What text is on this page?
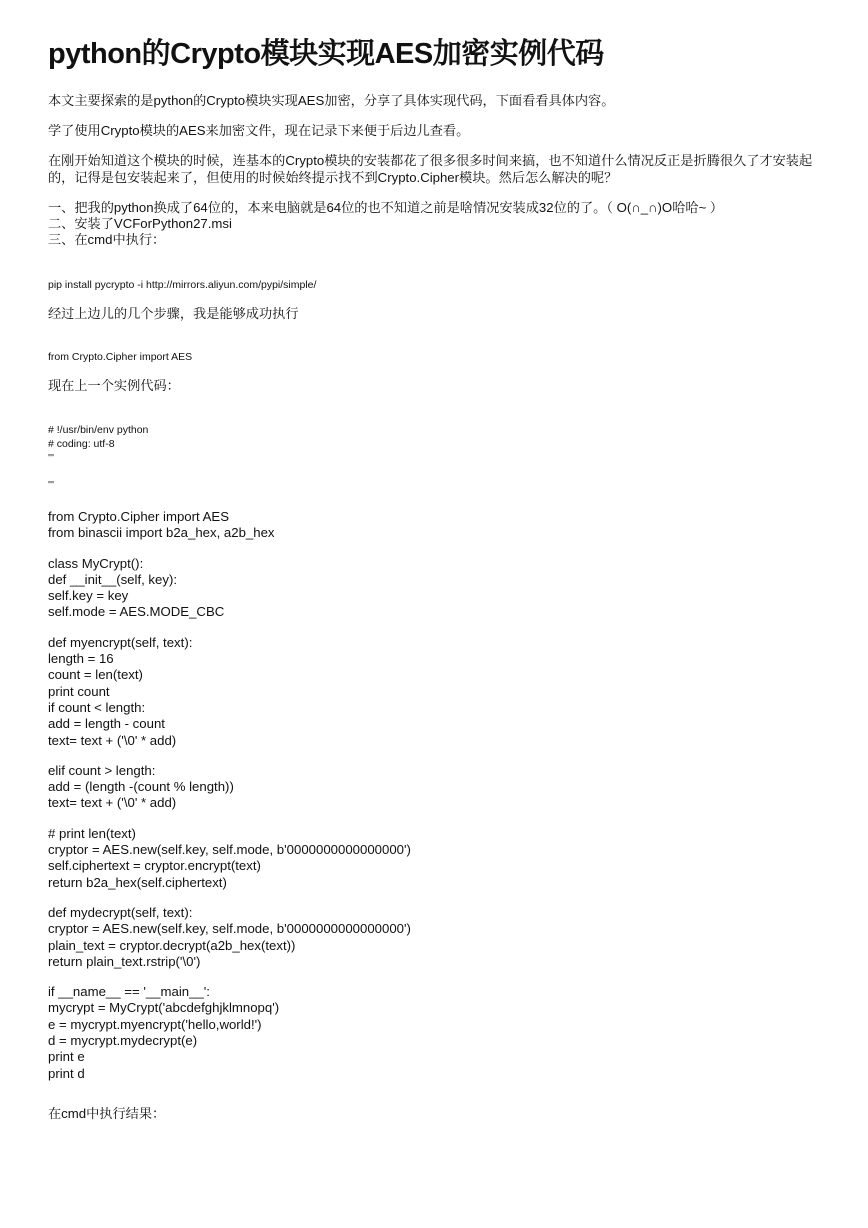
python的Crypto模块实现AES加密实例代码
本文主要探索的是python的Crypto模块实现AES加密，分享了具体实现代码，下面看看具体内容。
学了使用Crypto模块的AES来加密文件，现在记录下来便于后边儿查看。
在刚开始知道这个模块的时候，连基本的Crypto模块的安装都花了很多很多时间来搞，也不知道什么情况反正是折腾很久了才安装起的，记得是包安装起来了，但使用的时候始终提示找不到Crypto.Cipher模块。然后怎么解决的呢？
一、把我的python换成了64位的，本来电脑就是64位的也不知道之前是啥情况安装成32位的了。（ O(∩_∩)O哈哈~ ）
二、安装了VCForPython27.msi
三、在cmd中执行：
pip install pycrypto -i http://mirrors.aliyun.com/pypi/simple/
经过上边儿的几个步骤，我是能够成功执行
from Crypto.Cipher import AES
现在上一个实例代码：
# !/usr/bin/env python
# coding: utf-8
'''
'''
from Crypto.Cipher import AES
from binascii import b2a_hex, a2b_hex
class MyCrypt():
def __init__(self, key):
self.key = key
self.mode = AES.MODE_CBC
def myencrypt(self, text):
length = 16
count = len(text)
print count
if count < length:
add = length - count
text= text + ('\0' * add)
elif count > length:
add = (length -(count % length))
text= text + ('\0' * add)
# print len(text)
cryptor = AES.new(self.key, self.mode, b'0000000000000000')
self.ciphertext = cryptor.encrypt(text)
return b2a_hex(self.ciphertext)
def mydecrypt(self, text):
cryptor = AES.new(self.key, self.mode, b'0000000000000000')
plain_text = cryptor.decrypt(a2b_hex(text))
return plain_text.rstrip('\0')
if __name__ == '__main__':
mycrypt = MyCrypt('abcdefghjklmnopq')
e = mycrypt.myencrypt('hello,world!')
d = mycrypt.mydecrypt(e)
print e
print d
在cmd中执行结果：
